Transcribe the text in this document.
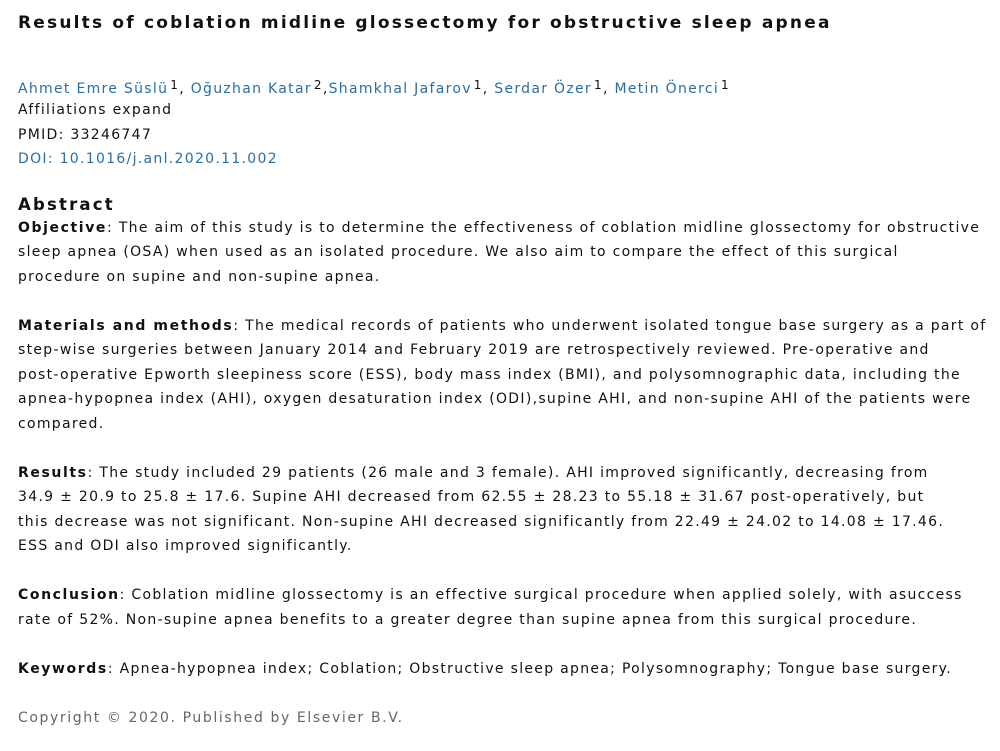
Results of coblation midline glossectomy for obstructive sleep apnea
Ahmet Emre Süslü $^1$, Oğuzhan Katar $^2$,Shamkhal Jafarov $^1$, Serdar Özer $^1$, Metin Önerci $^1$
Affiliations expand
PMID: 33246747
DOI: 10.1016/j.anl.2020.11.002
Abstract
Objective: The aim of this study is to determine the effectiveness of coblation midline glossectomy for obstructive
sleep apnea (OSA) when used as an isolated procedure. We also aim to compare the effect of this surgical
procedure on supine and non-supine apnea.
Materials and methods: The medical records of patients who underwent isolated tongue base surgery as a part of
step-wise surgeries between January 2014 and February 2019 are retrospectively reviewed. Pre-operative and
post-operative Epworth sleepiness score (ESS), body mass index (BMI), and polysomnographic data, including the
apnea-hypopnea index (AHI), oxygen desaturation index (ODI),supine AHI, and non-supine AHI of the patients were
compared.
Results: The study included 29 patients (26 male and 3 female). AHI improved significantly, decreasing from
34.9 ± 20.9 to 25.8 ± 17.6. Supine AHI decreased from 62.55 ± 28.23 to 55.18 ± 31.67 post-operatively, but
this decrease was not significant. Non-supine AHI decreased significantly from 22.49 ± 24.02 to 14.08 ± 17.46.
ESS and ODI also improved significantly.
Conclusion: Coblation midline glossectomy is an effective surgical procedure when applied solely, with asuccess
rate of 52%. Non-supine apnea benefits to a greater degree than supine apnea from this surgical procedure.
Keywords: Apnea-hypopnea index; Coblation; Obstructive sleep apnea; Polysomnography; Tongue base surgery.
Copyright © 2020. Published by Elsevier B.V.
